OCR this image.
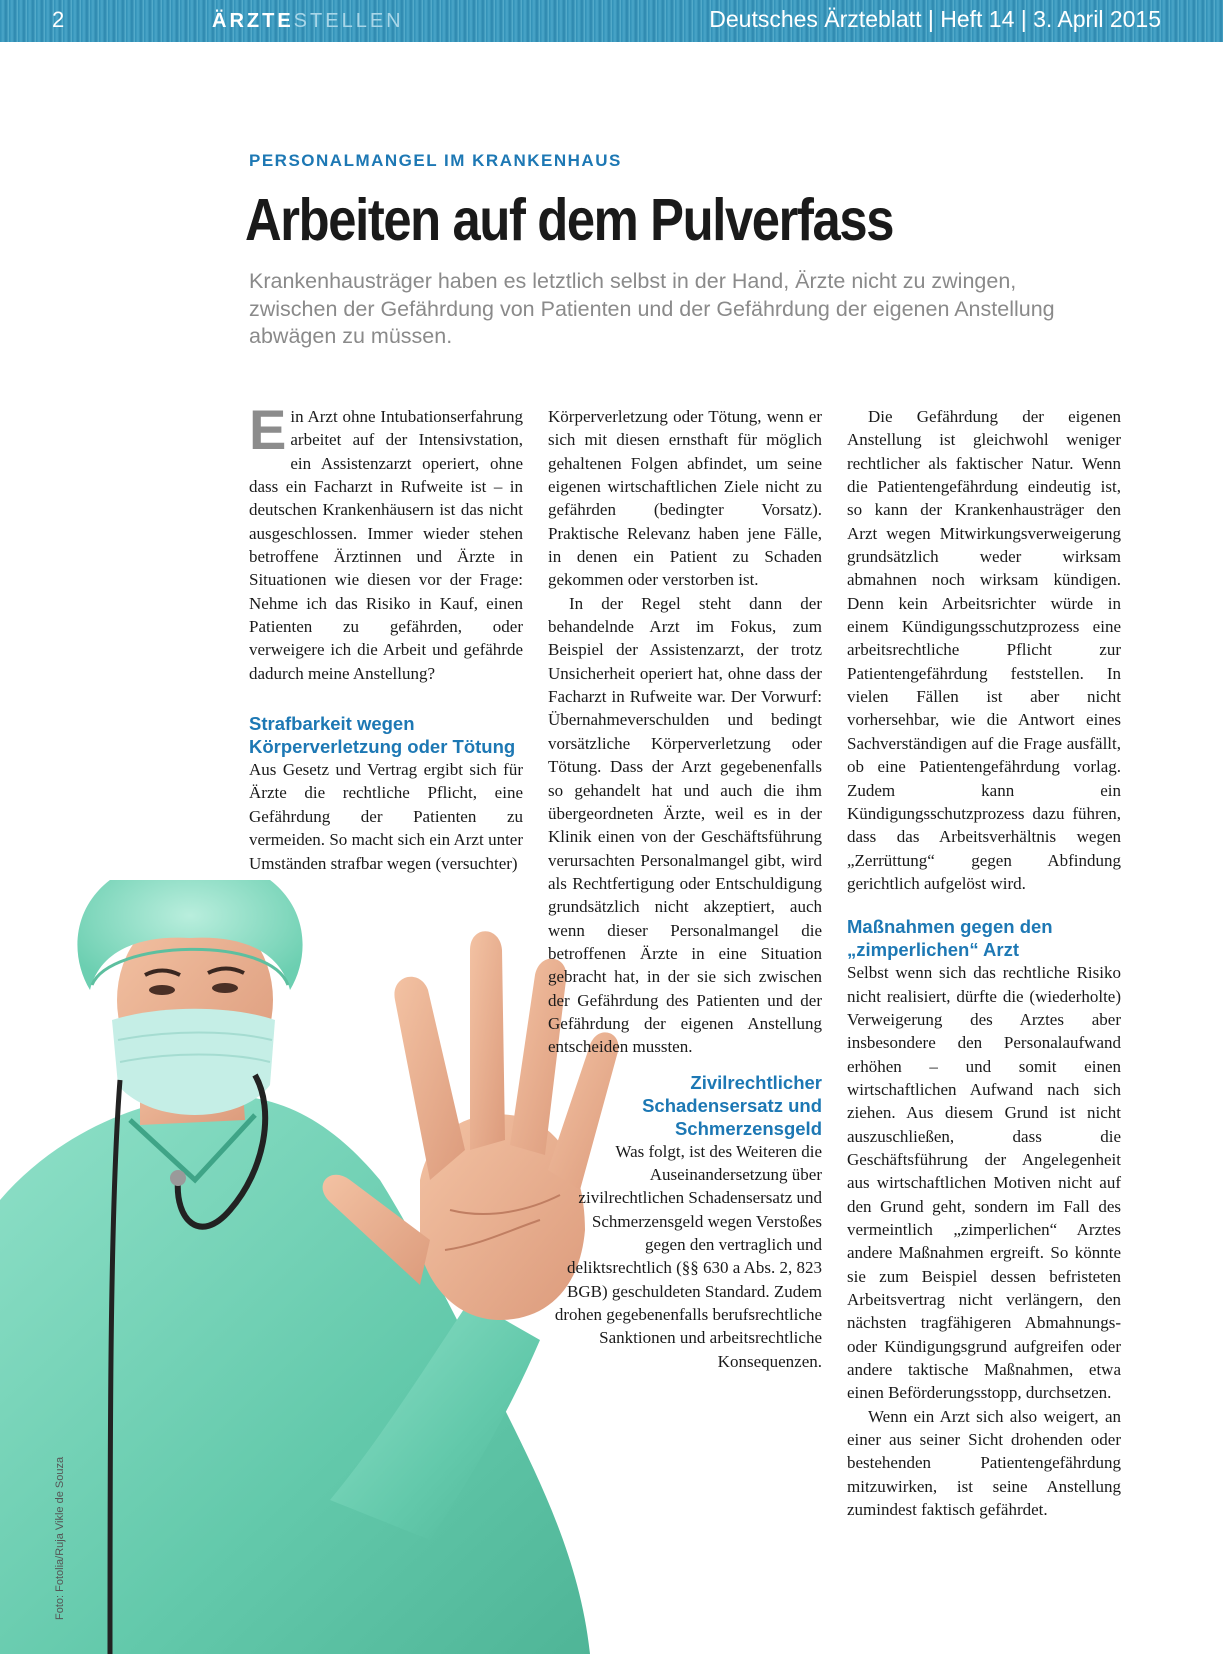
2	ÄRZTESTELLEN	Deutsches Ärzteblatt | Heft 14 | 3. April 2015
PERSONALMANGEL IM KRANKENHAUS
Arbeiten auf dem Pulverfass
Krankenhausträger haben es letztlich selbst in der Hand, Ärzte nicht zu zwingen, zwischen der Gefährdung von Patienten und der Gefährdung der eigenen Anstellung abwägen zu müssen.
Foto: Fotolia/Ruja Vikle de Souza

Ein Arzt ohne Intubationserfahrung arbeitet auf der Intensivstation, ein Assistenzarzt operiert, ohne dass ein Facharzt in Rufweite ist – in deutschen Krankenhäusern ist das nicht ausgeschlossen. Immer wieder stehen betroffene Ärztinnen und Ärzte in Situationen wie diesen vor der Frage: Nehme ich das Risiko in Kauf, einen Patienten zu gefährden, oder verweigere ich die Arbeit und gefährde dadurch meine Anstellung?

Strafbarkeit wegen Körperverletzung oder Tötung

Aus Gesetz und Vertrag ergibt sich für Ärzte die rechtliche Pflicht, eine Gefährdung der Patienten zu vermeiden. So macht sich ein Arzt unter Umständen strafbar wegen (versuchter)

Körperverletzung oder Tötung, wenn er sich mit diesen ernsthaft für möglich gehaltenen Folgen abfindet, um seine eigenen wirtschaftlichen Ziele nicht zu gefährden (bedingter Vorsatz). Praktische Relevanz haben jene Fälle, in denen ein Patient zu Schaden gekommen oder verstorben ist.

In der Regel steht dann der behandelnde Arzt im Fokus, zum Beispiel der Assistenzarzt, der trotz Unsicherheit operiert hat, ohne dass der Facharzt in Rufweite war. Der Vorwurf: Übernahmeverschulden und bedingt vorsätzliche Körperverletzung oder Tötung. Dass der Arzt gegebenenfalls so gehandelt hat und auch die ihm übergeordneten Ärzte, weil es in der Klinik einen von der Geschäftsführung verursachten Personalmangel gibt, wird als Rechtfertigung oder Entschuldigung grundsätzlich nicht akzeptiert, auch wenn dieser Personalmangel die betroffenen Ärzte in eine Situation gebracht hat, in der sie sich zwischen der Gefährdung des Patienten und der Gefährdung der eigenen Anstellung entscheiden mussten.

Zivilrechtlicher Schadensersatz und Schmerzensgeld

Was folgt, ist des Weiteren die Auseinandersetzung über zivilrechtlichen Schadensersatz und Schmerzensgeld wegen Verstoßes gegen den vertraglich und deliktsrechtlich (§§ 630 a Abs. 2, 823 BGB) geschuldeten Standard. Zudem drohen gegebenenfalls berufsrechtliche Sanktionen und arbeitsrechtliche Konsequenzen.

Die Gefährdung der eigenen Anstellung ist gleichwohl weniger rechtlicher als faktischer Natur. Wenn die Patientengefährdung eindeutig ist, so kann der Krankenhausträger den Arzt wegen Mitwirkungsverweigerung grundsätzlich weder wirksam abmahnen noch wirksam kündigen. Denn kein Arbeitsrichter würde in einem Kündigungsschutzprozess eine arbeitsrechtliche Pflicht zur Patientengefährdung feststellen. In vielen Fällen ist aber nicht vorhersehbar, wie die Antwort eines Sachverständigen auf die Frage ausfällt, ob eine Patientengefährdung vorlag. Zudem kann ein Kündigungsschutzprozess dazu führen, dass das Arbeitsverhältnis wegen „Zerrüttung“ gegen Abfindung gerichtlich aufgelöst wird.

Maßnahmen gegen den „zimperlichen“ Arzt

Selbst wenn sich das rechtliche Risiko nicht realisiert, dürfte die (wiederholte) Verweigerung des Arztes aber insbesondere den Personalaufwand erhöhen – und somit einen wirtschaftlichen Aufwand nach sich ziehen. Aus diesem Grund ist nicht auszuschließen, dass die Geschäftsführung der Angelegenheit aus wirtschaftlichen Motiven nicht auf den Grund geht, sondern im Fall des vermeintlich „zimperlichen“ Arztes andere Maßnahmen ergreift. So könnte sie zum Beispiel dessen befristeten Arbeitsvertrag nicht verlängern, den nächsten tragfähigeren Abmahnungs- oder Kündigungsgrund aufgreifen oder andere taktische Maßnahmen, etwa einen Beförderungsstopp, durchsetzen.

Wenn ein Arzt sich also weigert, an einer aus seiner Sicht drohenden oder bestehenden Patientengefährdung mitzuwirken, ist seine Anstellung zumindest faktisch gefährdet.
